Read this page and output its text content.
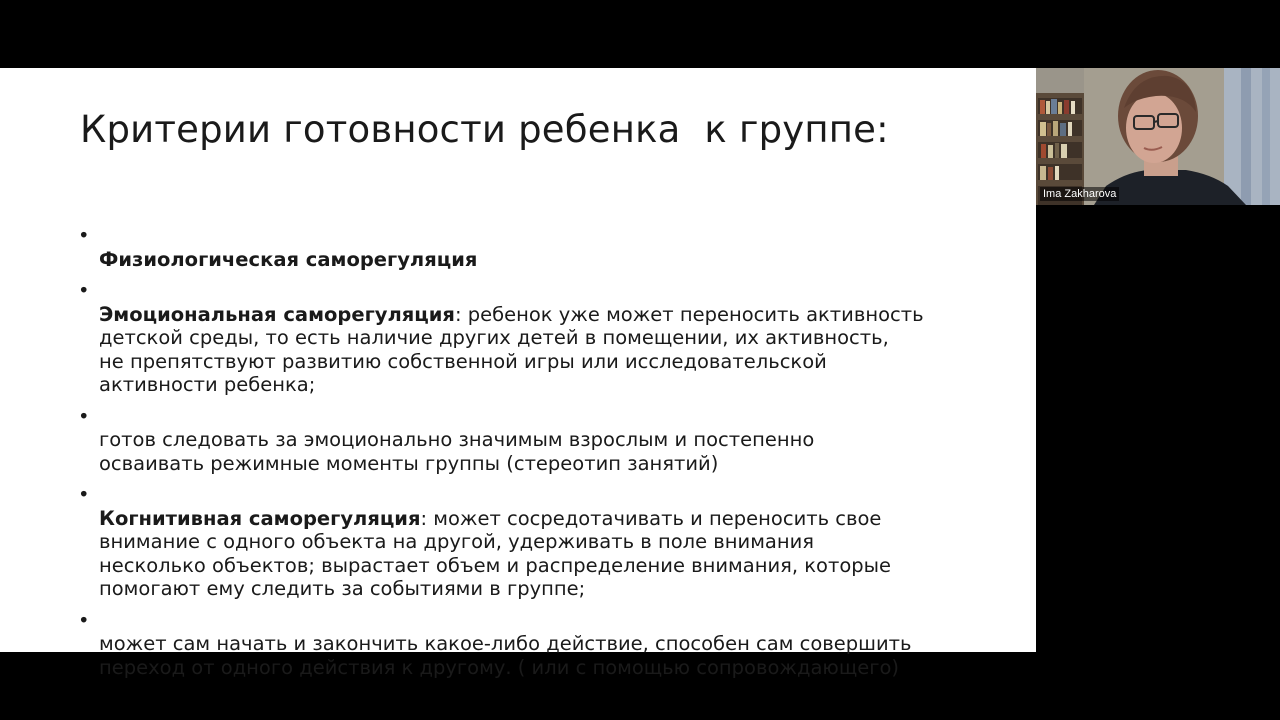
Критерии готовности ребенка  к группе:

•
Физиологическая саморегуляция

•
Эмоциональная саморегуляция: ребенок уже может переносить активность
детской среды, то есть наличие других детей в помещении, их активность,
не препятствуют развитию собственной игры или исследовательской
активности ребенка;

•
готов следовать за эмоционально значимым взрослым и постепенно
осваивать режимные моменты группы (стереотип занятий)

•
Когнитивная саморегуляция: может сосредотачивать и переносить свое
внимание с одного объекта на другой, удерживать в поле внимания
несколько объектов; вырастает объем и распределение внимания, которые
помогают ему следить за событиями в группе;

•
может сам начать и закончить какое-либо действие, способен сам совершить
переход от одного действия к другому. ( или с помощью сопровождающего)

Ima Zakharova
